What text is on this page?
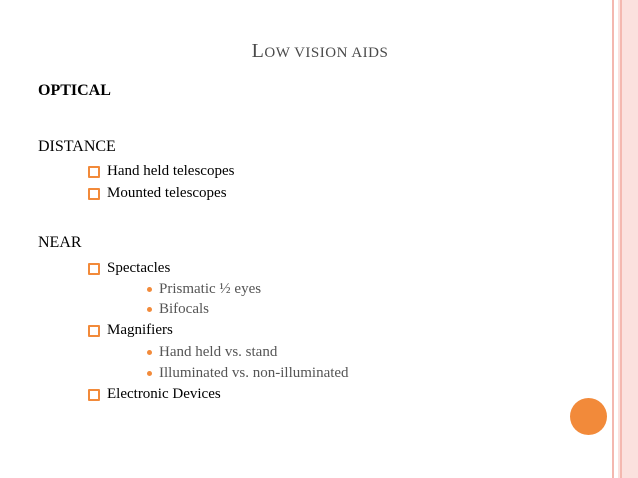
LOW VISION AIDS
OPTICAL
DISTANCE
Hand held telescopes
Mounted telescopes
NEAR
Spectacles
Prismatic ½ eyes
Bifocals
Magnifiers
Hand held vs. stand
Illuminated vs. non-illuminated
Electronic Devices
